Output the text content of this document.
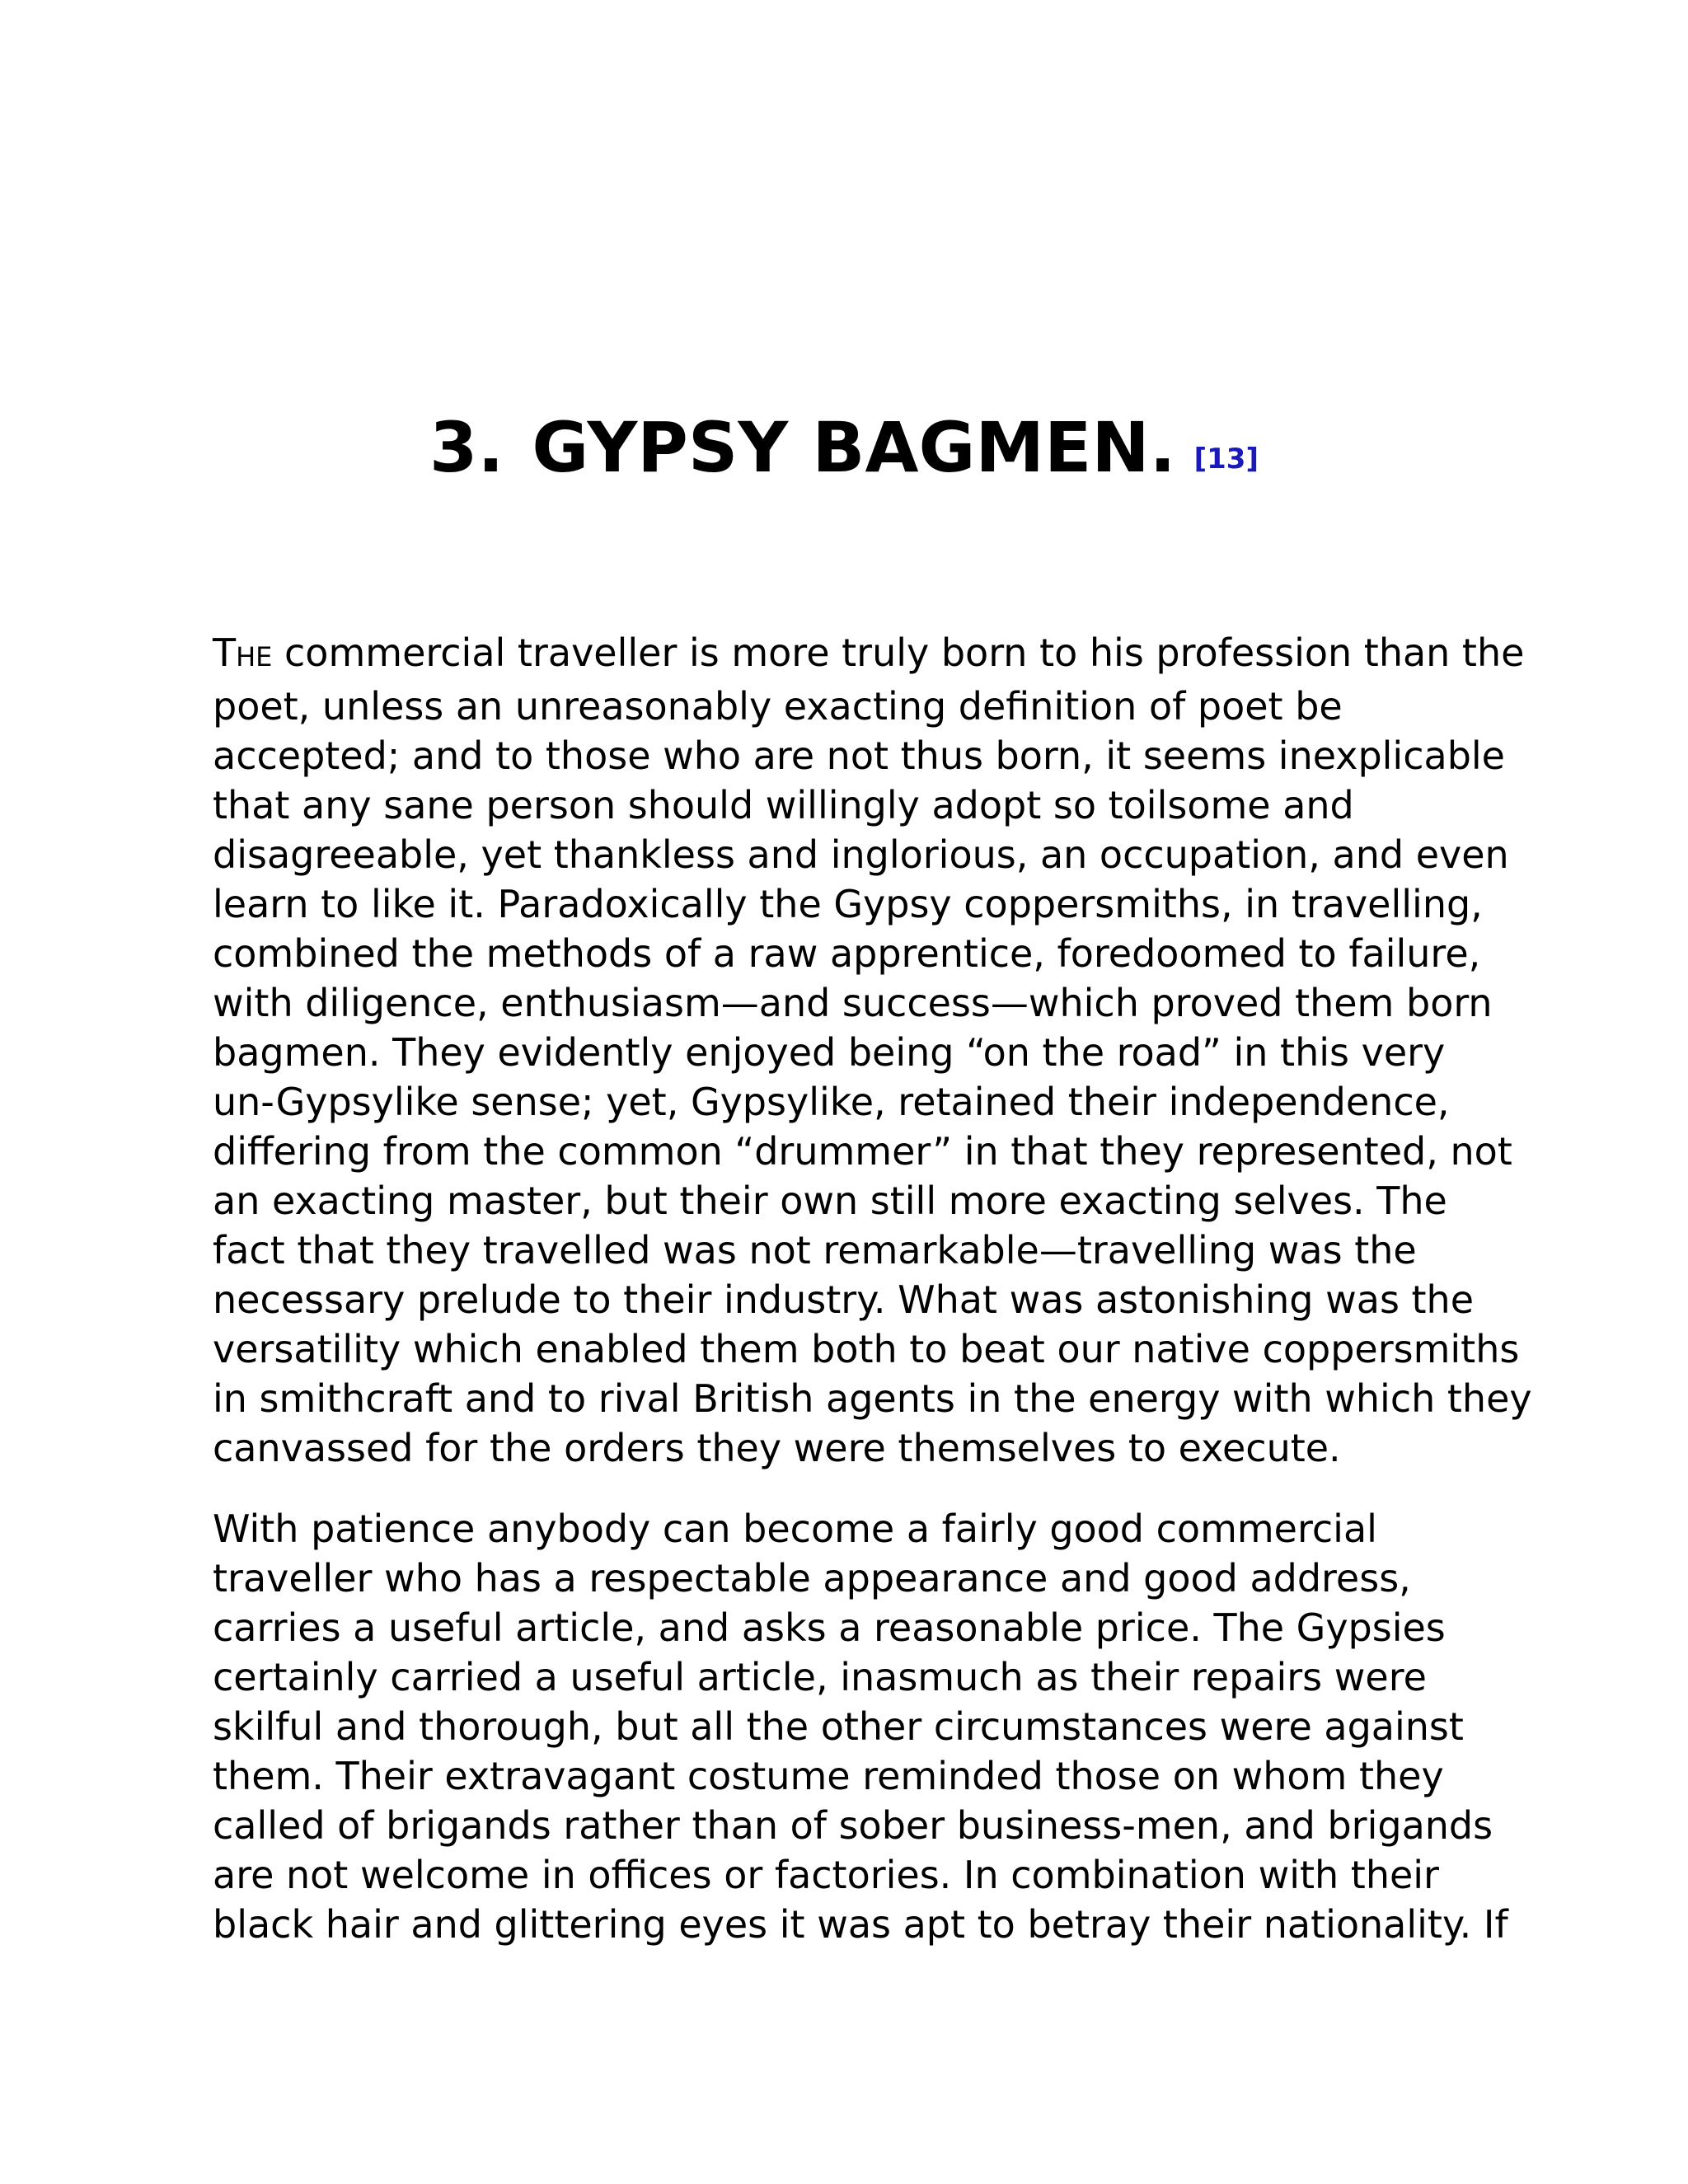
3. GYPSY BAGMEN. [13]

THE commercial traveller is more truly born to his profession than the
poet, unless an unreasonably exacting definition of poet be
accepted; and to those who are not thus born, it seems inexplicable
that any sane person should willingly adopt so toilsome and
disagreeable, yet thankless and inglorious, an occupation, and even
learn to like it. Paradoxically the Gypsy coppersmiths, in travelling,
combined the methods of a raw apprentice, foredoomed to failure,
with diligence, enthusiasm—and success—which proved them born
bagmen. They evidently enjoyed being “on the road” in this very
un-Gypsylike sense; yet, Gypsylike, retained their independence,
differing from the common “drummer” in that they represented, not
an exacting master, but their own still more exacting selves. The
fact that they travelled was not remarkable—travelling was the
necessary prelude to their industry. What was astonishing was the
versatility which enabled them both to beat our native coppersmiths
in smithcraft and to rival British agents in the energy with which they
canvassed for the orders they were themselves to execute.

With patience anybody can become a fairly good commercial
traveller who has a respectable appearance and good address,
carries a useful article, and asks a reasonable price. The Gypsies
certainly carried a useful article, inasmuch as their repairs were
skilful and thorough, but all the other circumstances were against
them. Their extravagant costume reminded those on whom they
called of brigands rather than of sober business-men, and brigands
are not welcome in offices or factories. In combination with their
black hair and glittering eyes it was apt to betray their nationality. If
